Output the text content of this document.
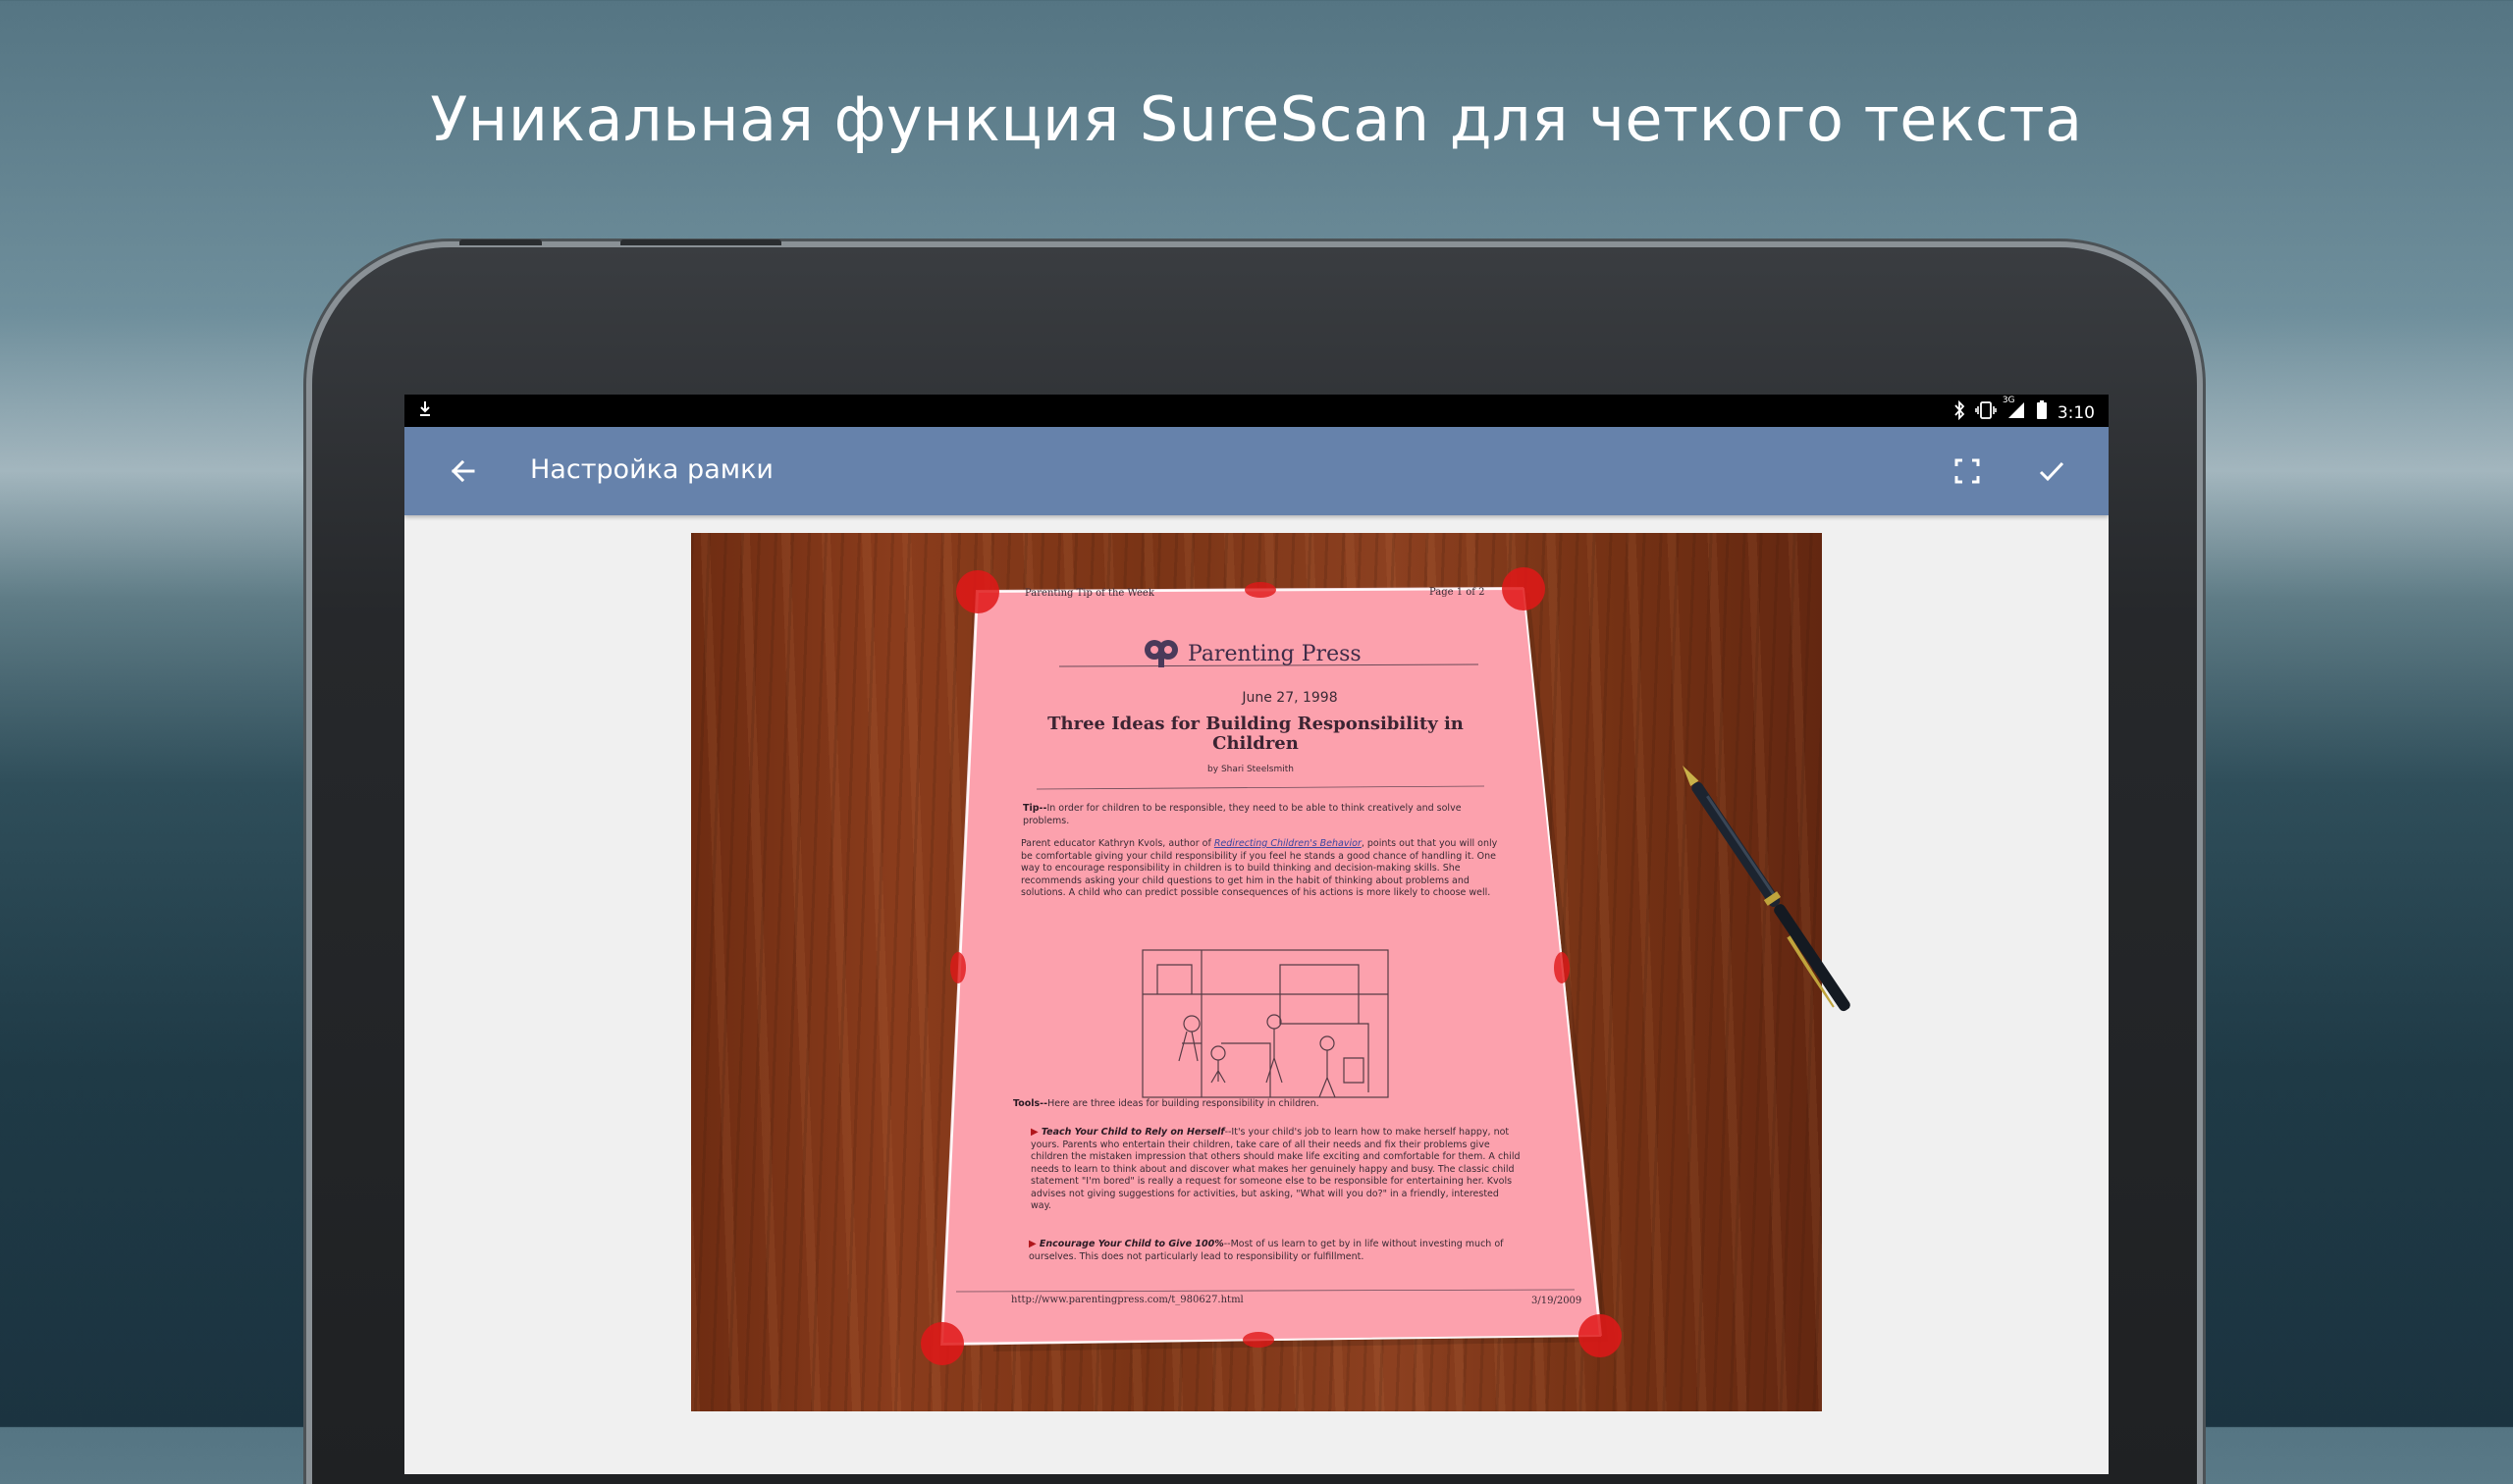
Уникальная функция SureScan для четкого текста
3G
3:10
Настройка рамки
Parenting Tip of the Week	Page 1 of 2
Parenting Press
June 27, 1998
Three Ideas for Building Responsibility in
Children
by Shari Steelsmith
Tip--In order for children to be responsible, they need to be able to think creatively and solve problems.
Parent educator Kathryn Kvols, author of Redirecting Children's Behavior, points out that you will only be comfortable giving your child responsibility if you feel he stands a good chance of handling it. One way to encourage responsibility in children is to build thinking and decision-making skills. She recommends asking your child questions to get him in the habit of thinking about problems and solutions. A child who can predict possible consequences of his actions is more likely to choose well.
Tools--Here are three ideas for building responsibility in children.
▶ Teach Your Child to Rely on Herself--It's your child's job to learn how to make herself happy, not yours. Parents who entertain their children, take care of all their needs and fix their problems give children the mistaken impression that others should make life exciting and comfortable for them. A child needs to learn to think about and discover what makes her genuinely happy and busy. The classic child statement "I'm bored" is really a request for someone else to be responsible for entertaining her. Kvols advises not giving suggestions for activities, but asking, "What will you do?" in a friendly, interested way.
▶ Encourage Your Child to Give 100%--Most of us learn to get by in life without investing much of ourselves. This does not particularly lead to responsibility or fulfillment.
http://www.parentingpress.com/t_980627.html	3/19/2009
